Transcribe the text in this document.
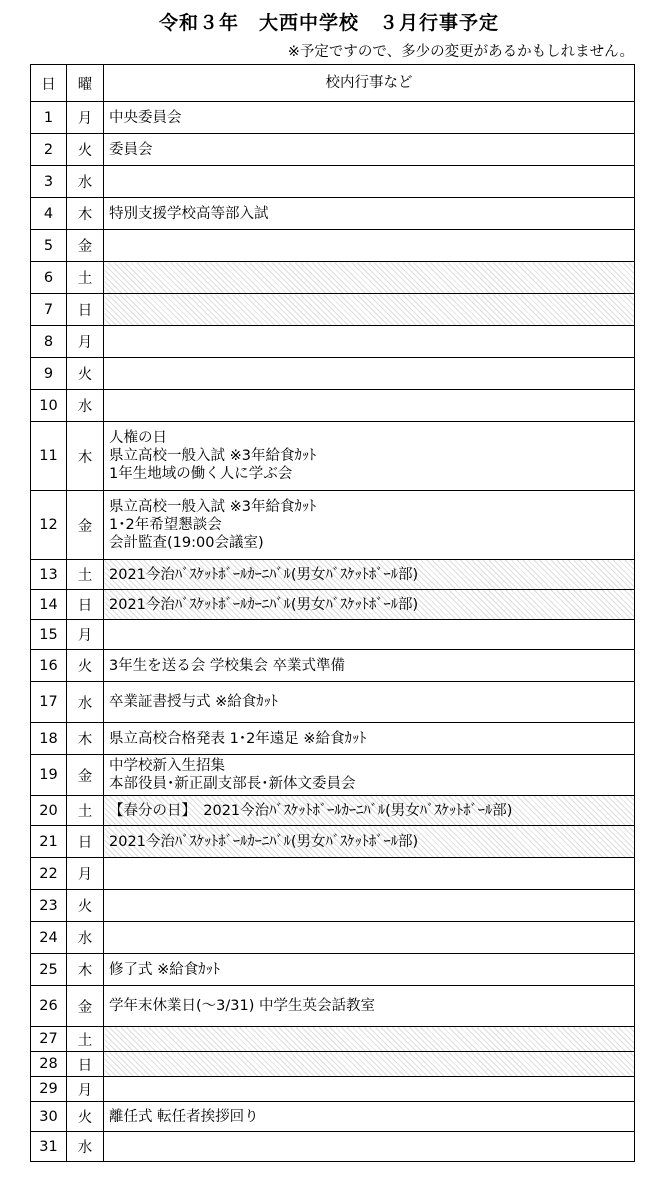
令和３年　大西中学校　３月行事予定
※予定ですので、多少の変更があるかもしれません。
日	曜	校内行事など
1	月	中央委員会

2	火	委員会

3	水	
4	木	特別支援学校高等部入試

5	金	
6	土	
7	日	
8	月	
9	火	
10	水	
11	木	人権の日
県立高校一般入試 ※3年給食ｶｯﾄ
1年生地域の働く人に学ぶ会

12	金	県立高校一般入試 ※3年給食ｶｯﾄ
1･2年希望懇談会
会計監査(19:00会議室)

13	土	2021今治ﾊﾞｽｹｯﾄﾎﾞｰﾙｶｰﾆﾊﾞﾙ(男女ﾊﾞｽｹｯﾄﾎﾞｰﾙ部)

14	日	2021今治ﾊﾞｽｹｯﾄﾎﾞｰﾙｶｰﾆﾊﾞﾙ(男女ﾊﾞｽｹｯﾄﾎﾞｰﾙ部)

15	月	
16	火	3年生を送る会 学校集会 卒業式準備

17	水	卒業証書授与式 ※給食ｶｯﾄ

18	木	県立高校合格発表 1･2年遠足 ※給食ｶｯﾄ

19	金	中学校新入生招集
本部役員･新正副支部長･新体文委員会

20	土	【春分の日】　2021今治ﾊﾞｽｹｯﾄﾎﾞｰﾙｶｰﾆﾊﾞﾙ(男女ﾊﾞｽｹｯﾄﾎﾞｰﾙ部)

21	日	2021今治ﾊﾞｽｹｯﾄﾎﾞｰﾙｶｰﾆﾊﾞﾙ(男女ﾊﾞｽｹｯﾄﾎﾞｰﾙ部)

22	月	
23	火	
24	水	
25	木	修了式 ※給食ｶｯﾄ

26	金	学年末休業日(～3/31) 中学生英会話教室

27	土	
28	日	
29	月	
30	火	離任式 転任者挨拶回り

31	水	
